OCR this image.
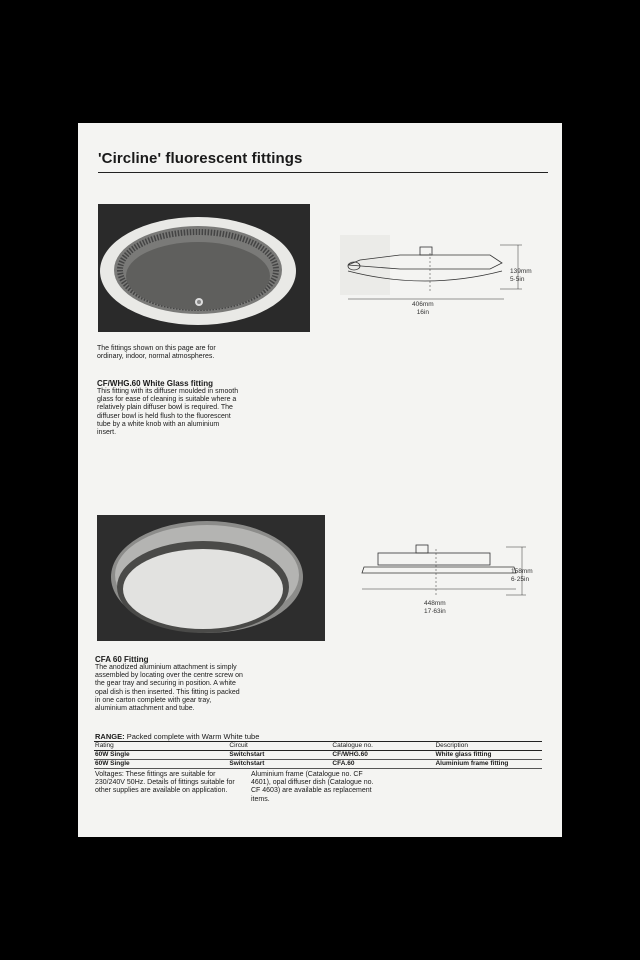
'Circline' fluorescent fittings
139mm
5·5in
406mm
16in
The fittings shown on this page are for ordinary, indoor, normal atmospheres.
CF/WHG.60 White Glass fitting
This fitting with its diffuser moulded in smooth glass for ease of cleaning is suitable where a relatively plain diffuser bowl is required. The diffuser bowl is held flush to the fluorescent tube by a white knob with an aluminium insert.
158mm
6·25in
448mm
17·63in
CFA 60 Fitting
The anodized aluminium attachment is simply assembled by locating over the centre screw on the gear tray and securing in position. A white opal dish is then inserted. This fitting is packed in one carton complete with gear tray, aluminium attachment and tube.
RANGE: Packed complete with Warm White tube
Rating	Circuit	Catalogue no.	Description
60W Single	Switchstart	CF/WHG.60	White glass fitting
60W Single	Switchstart	CFA.60	Aluminium frame fitting
Voltages: These fittings are suitable for 230/240V 50Hz. Details of fittings suitable for other supplies are available on application.
Aluminium frame (Catalogue no. CF 4601), opal diffuser dish (Catalogue no. CF 4603) are available as replacement items.
